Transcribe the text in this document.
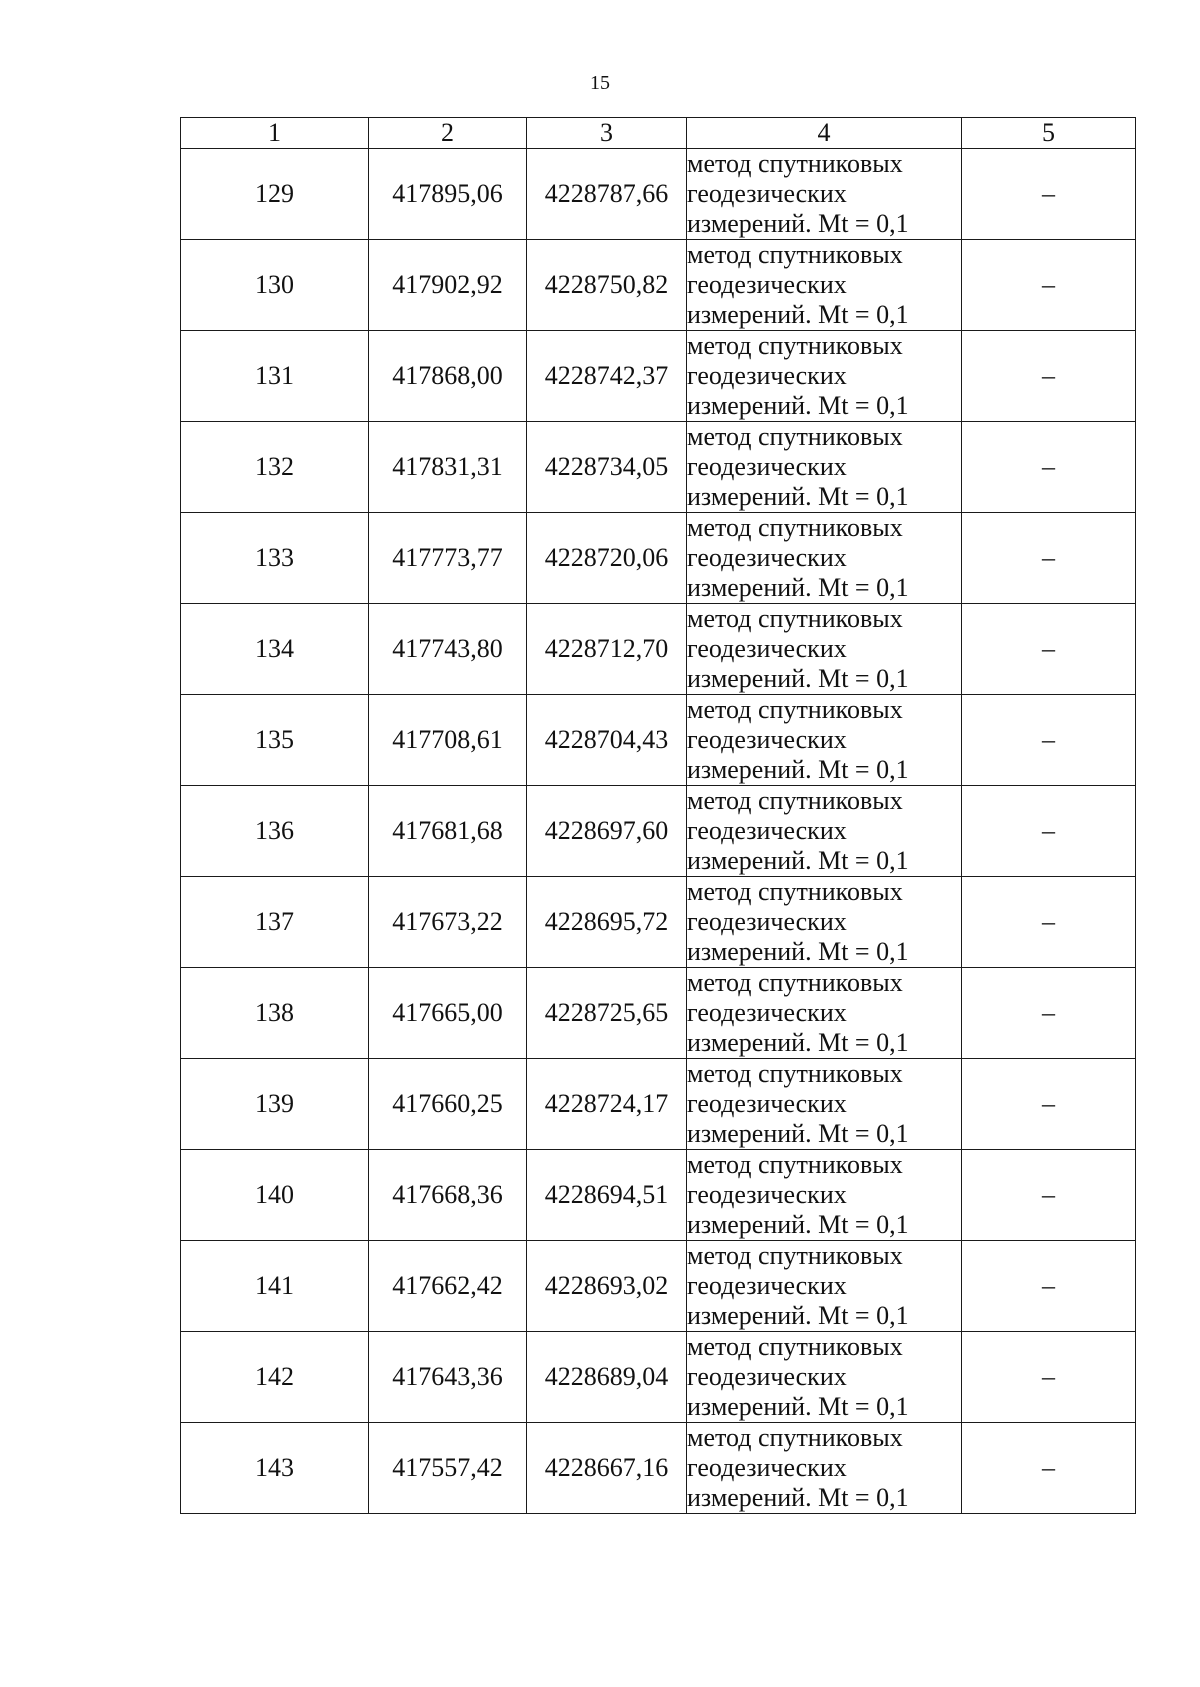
15
1	2	3	4	5
129	417895,06	4228787,66	метод спутниковых геодезических измерений. Mt = 0,1	–
130	417902,92	4228750,82	метод спутниковых геодезических измерений. Mt = 0,1	–
131	417868,00	4228742,37	метод спутниковых геодезических измерений. Mt = 0,1	–
132	417831,31	4228734,05	метод спутниковых геодезических измерений. Mt = 0,1	–
133	417773,77	4228720,06	метод спутниковых геодезических измерений. Mt = 0,1	–
134	417743,80	4228712,70	метод спутниковых геодезических измерений. Mt = 0,1	–
135	417708,61	4228704,43	метод спутниковых геодезических измерений. Mt = 0,1	–
136	417681,68	4228697,60	метод спутниковых геодезических измерений. Mt = 0,1	–
137	417673,22	4228695,72	метод спутниковых геодезических измерений. Mt = 0,1	–
138	417665,00	4228725,65	метод спутниковых геодезических измерений. Mt = 0,1	–
139	417660,25	4228724,17	метод спутниковых геодезических измерений. Mt = 0,1	–
140	417668,36	4228694,51	метод спутниковых геодезических измерений. Mt = 0,1	–
141	417662,42	4228693,02	метод спутниковых геодезических измерений. Mt = 0,1	–
142	417643,36	4228689,04	метод спутниковых геодезических измерений. Mt = 0,1	–
143	417557,42	4228667,16	метод спутниковых геодезических измерений. Mt = 0,1	–
